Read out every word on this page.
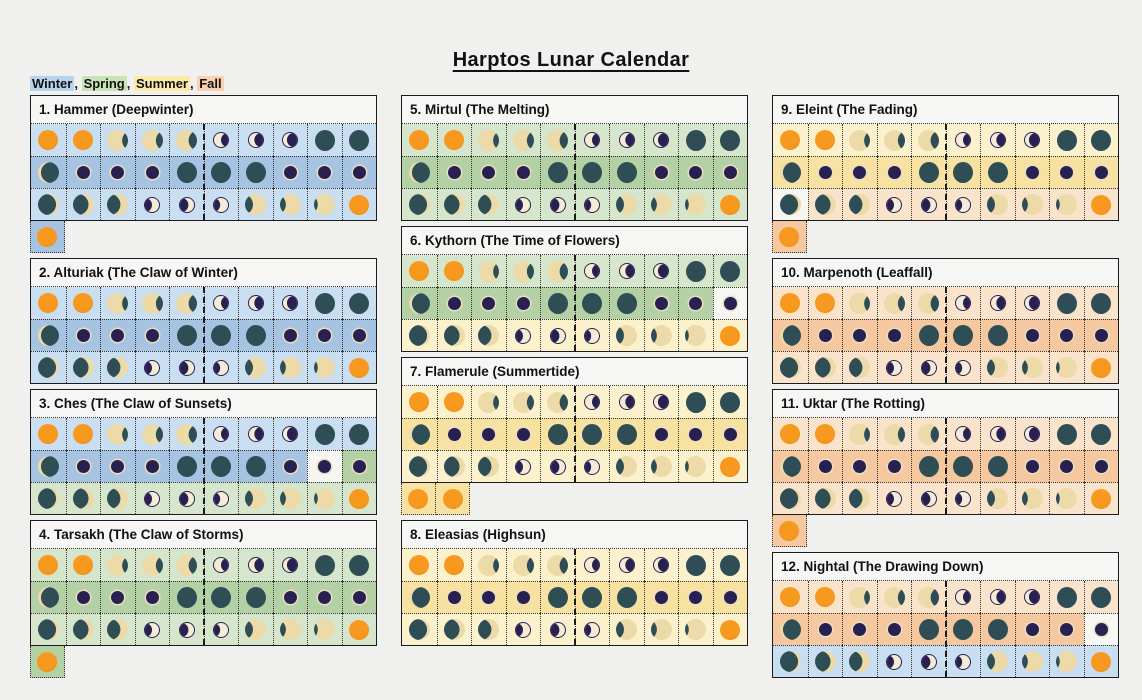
Harptos Lunar Calendar
Winter , Spring , Summer , Fall
1. Hammer (Deepwinter)
2. Alturiak (The Claw of Winter)
3. Ches (The Claw of Sunsets)
4. Tarsakh (The Claw of Storms)
5. Mirtul (The Melting)
6. Kythorn (The Time of Flowers)
7. Flamerule (Summertide)
8. Eleasias (Highsun)
9. Eleint (The Fading)
10. Marpenoth (Leaffall)
11. Uktar (The Rotting)
12. Nightal (The Drawing Down)
